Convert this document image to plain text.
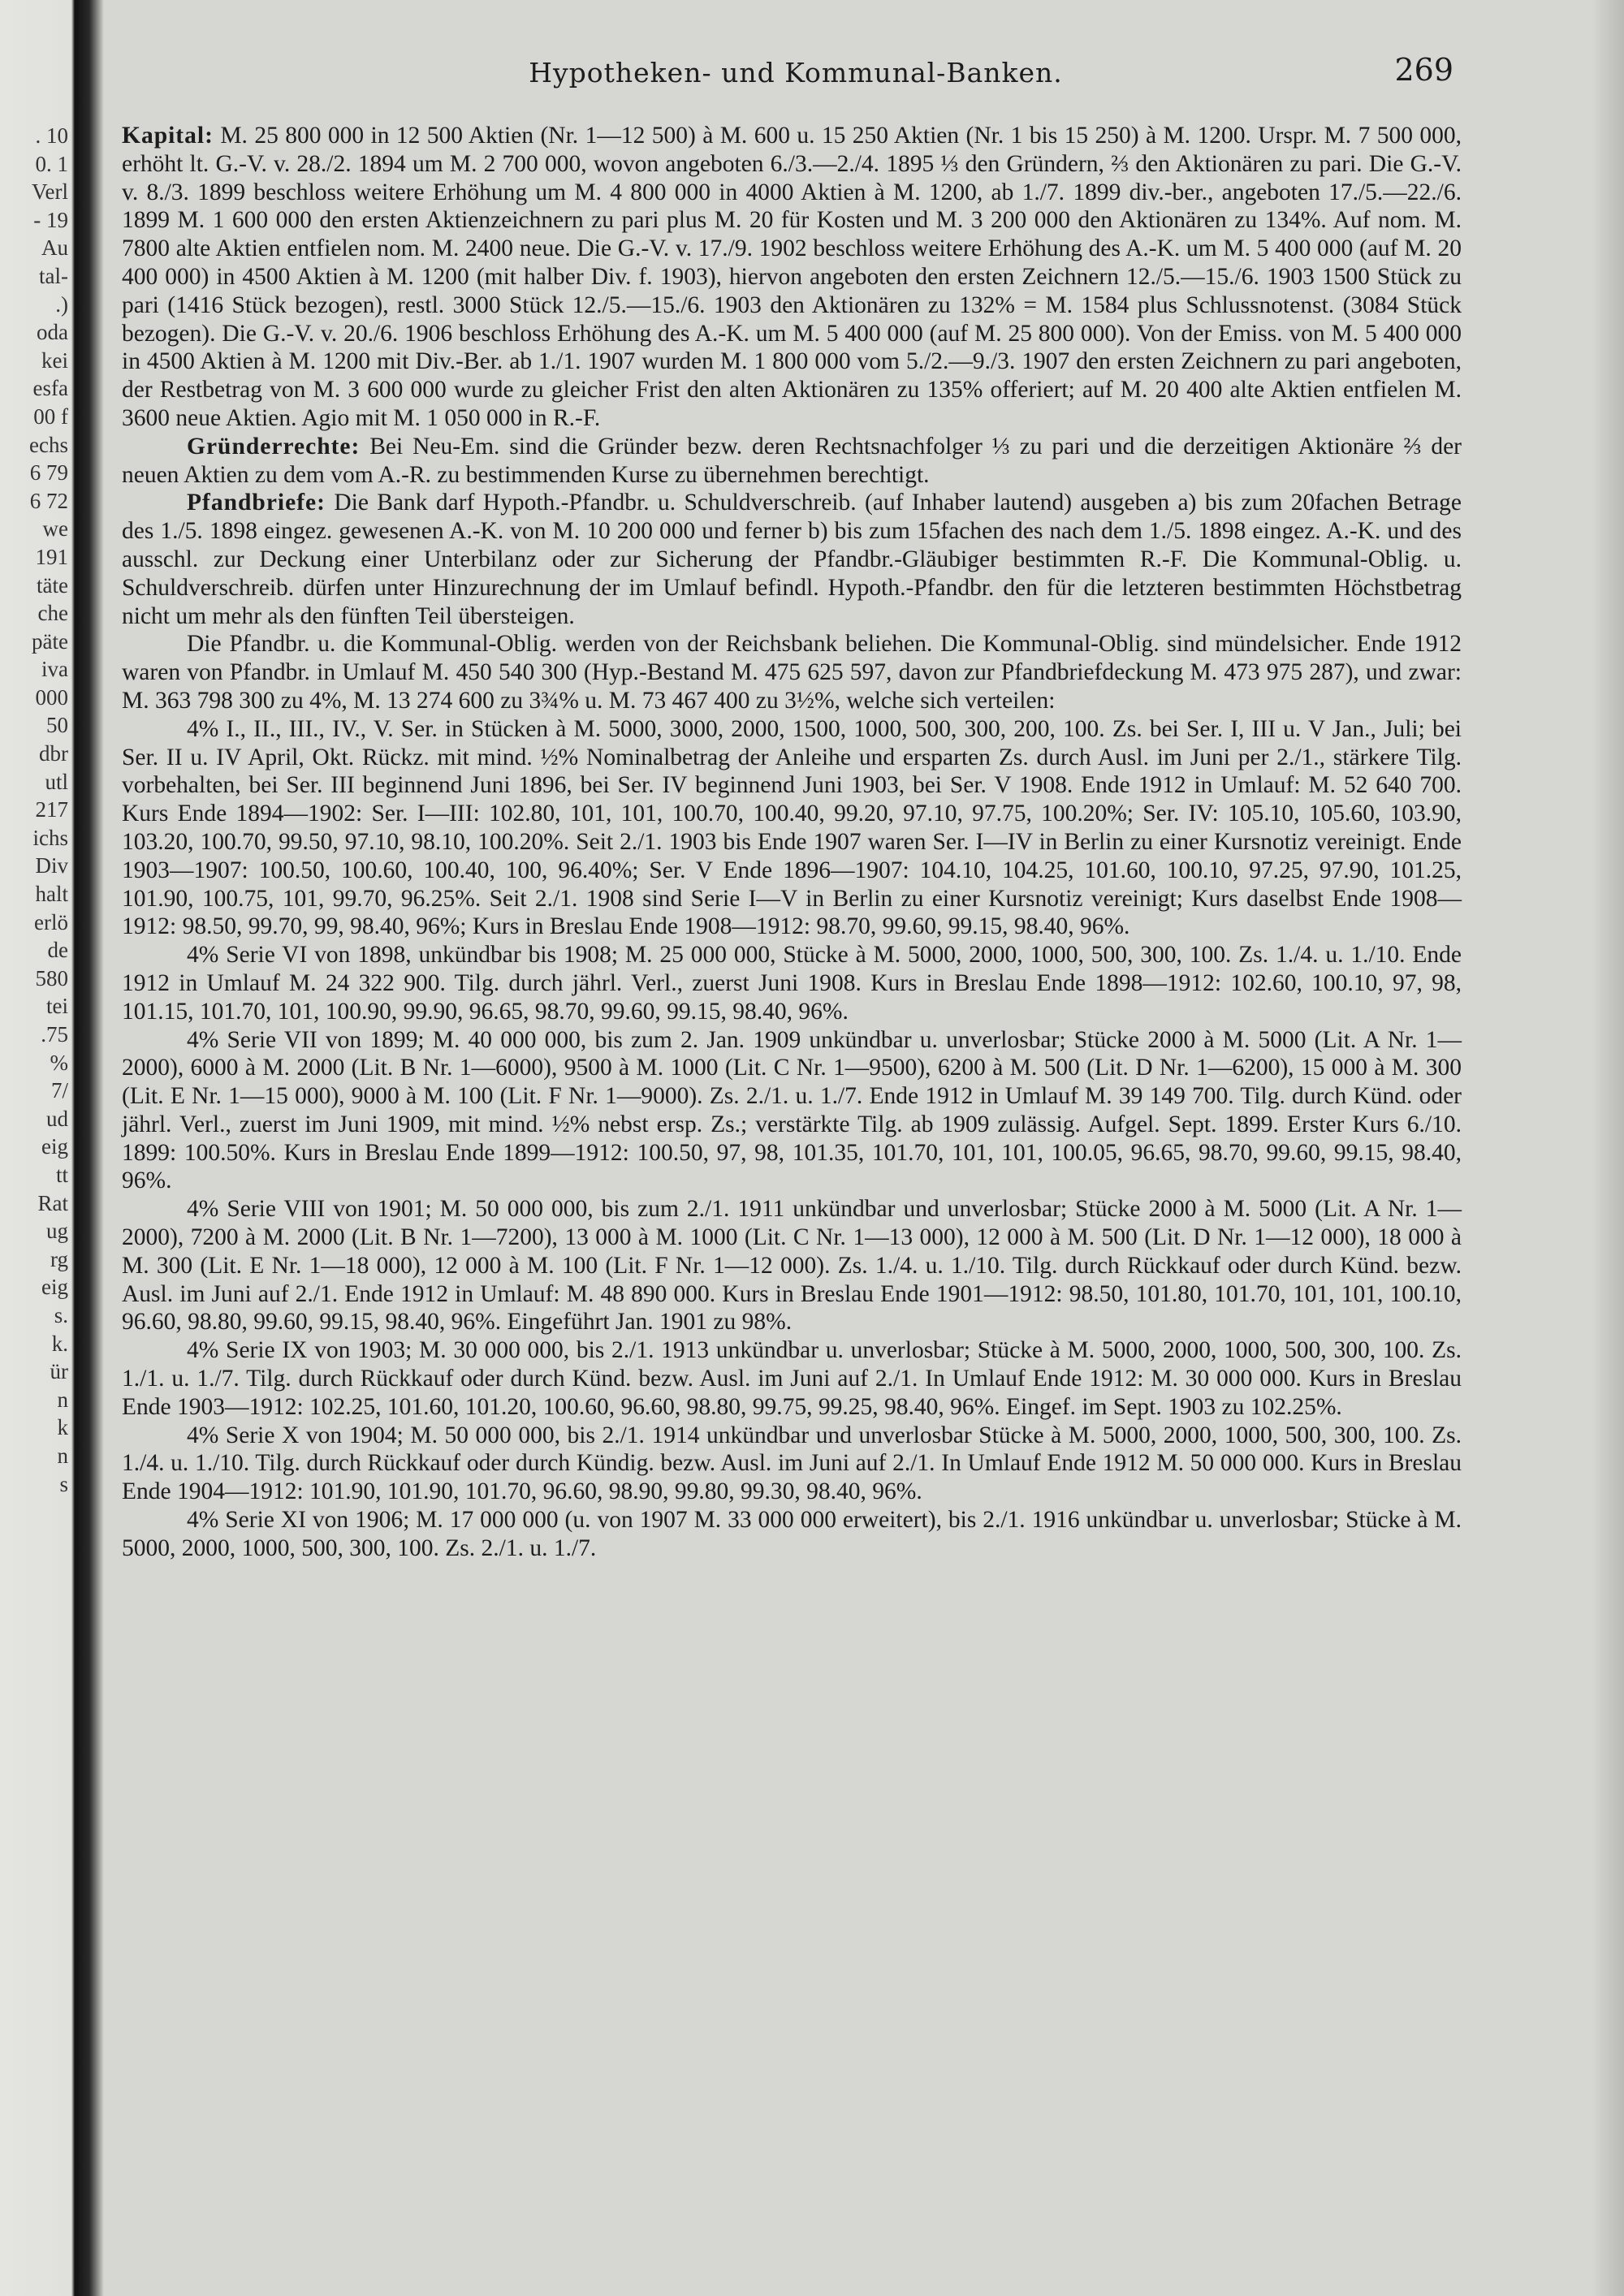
. 10
0. 1
Verl
- 19
Au
tal-
.)
oda
kei
esfa
00 f
echs
6 79
6 72
we
191
täte
che
päte
iva
000
50
dbr
utl
217
ichs
Div
halt
erlö
de
580
tei
.75
%
7/
ud
eig
tt
Rat
ug
rg
eig
s.
k.
ür
n
k
n
s
Hypotheken- und Kommunal-Banken.	269

Kapital: M. 25 800 000 in 12 500 Aktien (Nr. 1—12 500) à M. 600 u. 15 250 Aktien (Nr. 1 bis 15 250) à M. 1200. Urspr. M. 7 500 000, erhöht lt. G.-V. v. 28./2. 1894 um M. 2 700 000, wovon angeboten 6./3.—2./4. 1895 ⅓ den Gründern, ⅔ den Aktionären zu pari. Die G.-V. v. 8./3. 1899 beschloss weitere Erhöhung um M. 4 800 000 in 4000 Aktien à M. 1200, ab 1./7. 1899 div.-ber., angeboten 17./5.—22./6. 1899 M. 1 600 000 den ersten Aktienzeichnern zu pari plus M. 20 für Kosten und M. 3 200 000 den Aktionären zu 134%. Auf nom. M. 7800 alte Aktien entfielen nom. M. 2400 neue. Die G.-V. v. 17./9. 1902 beschloss weitere Erhöhung des A.-K. um M. 5 400 000 (auf M. 20 400 000) in 4500 Aktien à M. 1200 (mit halber Div. f. 1903), hiervon angeboten den ersten Zeichnern 12./5.—15./6. 1903 1500 Stück zu pari (1416 Stück bezogen), restl. 3000 Stück 12./5.—15./6. 1903 den Aktionären zu 132% = M. 1584 plus Schlussnotenst. (3084 Stück bezogen). Die G.-V. v. 20./6. 1906 beschloss Erhöhung des A.-K. um M. 5 400 000 (auf M. 25 800 000). Von der Emiss. von M. 5 400 000 in 4500 Aktien à M. 1200 mit Div.-Ber. ab 1./1. 1907 wurden M. 1 800 000 vom 5./2.—9./3. 1907 den ersten Zeichnern zu pari angeboten, der Restbetrag von M. 3 600 000 wurde zu gleicher Frist den alten Aktionären zu 135% offeriert; auf M. 20 400 alte Aktien entfielen M. 3600 neue Aktien. Agio mit M. 1 050 000 in R.-F.

Gründerrechte: Bei Neu-Em. sind die Gründer bezw. deren Rechtsnachfolger ⅓ zu pari und die derzeitigen Aktionäre ⅔ der neuen Aktien zu dem vom A.-R. zu bestimmenden Kurse zu übernehmen berechtigt.

Pfandbriefe: Die Bank darf Hypoth.-Pfandbr. u. Schuldverschreib. (auf Inhaber lautend) ausgeben a) bis zum 20fachen Betrage des 1./5. 1898 eingez. gewesenen A.-K. von M. 10 200 000 und ferner b) bis zum 15fachen des nach dem 1./5. 1898 eingez. A.-K. und des ausschl. zur Deckung einer Unterbilanz oder zur Sicherung der Pfandbr.-Gläubiger bestimmten R.-F. Die Kommunal-Oblig. u. Schuldverschreib. dürfen unter Hinzurechnung der im Umlauf befindl. Hypoth.-Pfandbr. den für die letzteren bestimmten Höchstbetrag nicht um mehr als den fünften Teil übersteigen.

Die Pfandbr. u. die Kommunal-Oblig. werden von der Reichsbank beliehen. Die Kommunal-Oblig. sind mündelsicher. Ende 1912 waren von Pfandbr. in Umlauf M. 450 540 300 (Hyp.-Bestand M. 475 625 597, davon zur Pfandbriefdeckung M. 473 975 287), und zwar: M. 363 798 300 zu 4%, M. 13 274 600 zu 3¾% u. M. 73 467 400 zu 3½%, welche sich verteilen:

4% I., II., III., IV., V. Ser. in Stücken à M. 5000, 3000, 2000, 1500, 1000, 500, 300, 200, 100. Zs. bei Ser. I, III u. V Jan., Juli; bei Ser. II u. IV April, Okt. Rückz. mit mind. ½% Nominalbetrag der Anleihe und ersparten Zs. durch Ausl. im Juni per 2./1., stärkere Tilg. vorbehalten, bei Ser. III beginnend Juni 1896, bei Ser. IV beginnend Juni 1903, bei Ser. V 1908. Ende 1912 in Umlauf: M. 52 640 700. Kurs Ende 1894—1902: Ser. I—III: 102.80, 101, 101, 100.70, 100.40, 99.20, 97.10, 97.75, 100.20%; Ser. IV: 105.10, 105.60, 103.90, 103.20, 100.70, 99.50, 97.10, 98.10, 100.20%. Seit 2./1. 1903 bis Ende 1907 waren Ser. I—IV in Berlin zu einer Kursnotiz vereinigt. Ende 1903—1907: 100.50, 100.60, 100.40, 100, 96.40%; Ser. V Ende 1896—1907: 104.10, 104.25, 101.60, 100.10, 97.25, 97.90, 101.25, 101.90, 100.75, 101, 99.70, 96.25%. Seit 2./1. 1908 sind Serie I—V in Berlin zu einer Kursnotiz vereinigt; Kurs daselbst Ende 1908—1912: 98.50, 99.70, 99, 98.40, 96%; Kurs in Breslau Ende 1908—1912: 98.70, 99.60, 99.15, 98.40, 96%.

4% Serie VI von 1898, unkündbar bis 1908; M. 25 000 000, Stücke à M. 5000, 2000, 1000, 500, 300, 100. Zs. 1./4. u. 1./10. Ende 1912 in Umlauf M. 24 322 900. Tilg. durch jährl. Verl., zuerst Juni 1908. Kurs in Breslau Ende 1898—1912: 102.60, 100.10, 97, 98, 101.15, 101.70, 101, 100.90, 99.90, 96.65, 98.70, 99.60, 99.15, 98.40, 96%.

4% Serie VII von 1899; M. 40 000 000, bis zum 2. Jan. 1909 unkündbar u. unverlosbar; Stücke 2000 à M. 5000 (Lit. A Nr. 1—2000), 6000 à M. 2000 (Lit. B Nr. 1—6000), 9500 à M. 1000 (Lit. C Nr. 1—9500), 6200 à M. 500 (Lit. D Nr. 1—6200), 15 000 à M. 300 (Lit. E Nr. 1—15 000), 9000 à M. 100 (Lit. F Nr. 1—9000). Zs. 2./1. u. 1./7. Ende 1912 in Umlauf M. 39 149 700. Tilg. durch Künd. oder jährl. Verl., zuerst im Juni 1909, mit mind. ½% nebst ersp. Zs.; verstärkte Tilg. ab 1909 zulässig. Aufgel. Sept. 1899. Erster Kurs 6./10. 1899: 100.50%. Kurs in Breslau Ende 1899—1912: 100.50, 97, 98, 101.35, 101.70, 101, 101, 100.05, 96.65, 98.70, 99.60, 99.15, 98.40, 96%.

4% Serie VIII von 1901; M. 50 000 000, bis zum 2./1. 1911 unkündbar und unverlosbar; Stücke 2000 à M. 5000 (Lit. A Nr. 1—2000), 7200 à M. 2000 (Lit. B Nr. 1—7200), 13 000 à M. 1000 (Lit. C Nr. 1—13 000), 12 000 à M. 500 (Lit. D Nr. 1—12 000), 18 000 à M. 300 (Lit. E Nr. 1—18 000), 12 000 à M. 100 (Lit. F Nr. 1—12 000). Zs. 1./4. u. 1./10. Tilg. durch Rückkauf oder durch Künd. bezw. Ausl. im Juni auf 2./1. Ende 1912 in Umlauf: M. 48 890 000. Kurs in Breslau Ende 1901—1912: 98.50, 101.80, 101.70, 101, 101, 100.10, 96.60, 98.80, 99.60, 99.15, 98.40, 96%. Eingeführt Jan. 1901 zu 98%.

4% Serie IX von 1903; M. 30 000 000, bis 2./1. 1913 unkündbar u. unverlosbar; Stücke à M. 5000, 2000, 1000, 500, 300, 100. Zs. 1./1. u. 1./7. Tilg. durch Rückkauf oder durch Künd. bezw. Ausl. im Juni auf 2./1. In Umlauf Ende 1912: M. 30 000 000. Kurs in Breslau Ende 1903—1912: 102.25, 101.60, 101.20, 100.60, 96.60, 98.80, 99.75, 99.25, 98.40, 96%. Eingef. im Sept. 1903 zu 102.25%.

4% Serie X von 1904; M. 50 000 000, bis 2./1. 1914 unkündbar und unverlosbar Stücke à M. 5000, 2000, 1000, 500, 300, 100. Zs. 1./4. u. 1./10. Tilg. durch Rückkauf oder durch Kündig. bezw. Ausl. im Juni auf 2./1. In Umlauf Ende 1912 M. 50 000 000. Kurs in Breslau Ende 1904—1912: 101.90, 101.90, 101.70, 96.60, 98.90, 99.80, 99.30, 98.40, 96%.

4% Serie XI von 1906; M. 17 000 000 (u. von 1907 M. 33 000 000 erweitert), bis 2./1. 1916 unkündbar u. unverlosbar; Stücke à M. 5000, 2000, 1000, 500, 300, 100. Zs. 2./1. u. 1./7.
